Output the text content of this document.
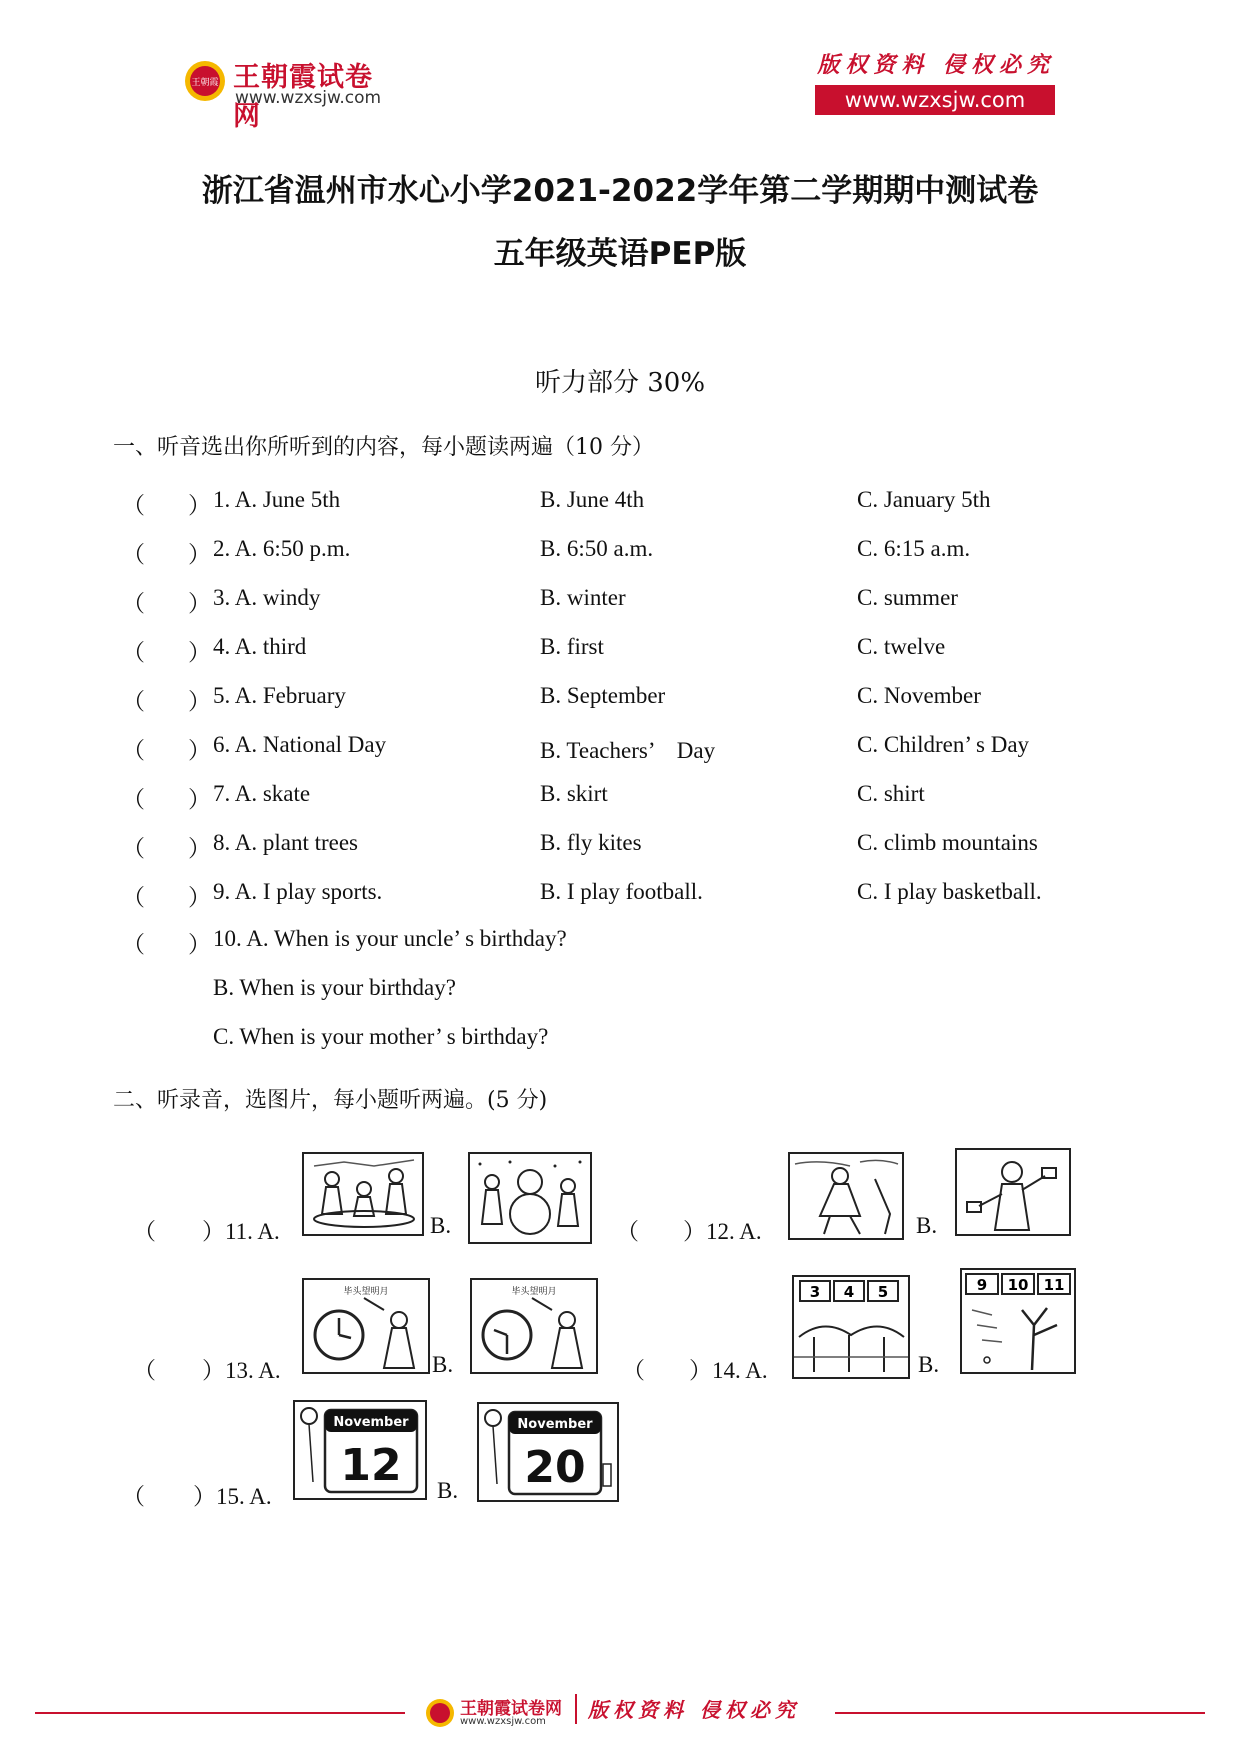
王朝霞 王朝霞试卷网
www.wzxsjw.com
版权资料 侵权必究
www.wzxsjw.com
浙江省温州市水心小学2021-2022学年第二学期期中测试卷
五年级英语PEP版
听力部分 30%
一、听音选出你所听到的内容，每小题读两遍（10 分）
（ ） 1. A. June 5th	B. June 4th	C. January 5th
（ ） 2. A. 6:50 p.m.	B. 6:50 a.m.	C. 6:15 a.m.
（ ） 3. A. windy	B. winter	C. summer
（ ） 4. A. third	B. first	C. twelve
（ ） 5. A. February	B. September	C. November
（ ） 6. A. National Day	B. Teachers’　Day	C. Children’ s Day
（ ） 7. A. skate	B. skirt	C. shirt
（ ） 8. A. plant trees	B. fly kites	C. climb mountains
（ ） 9. A. I play sports.	B. I play football.	C. I play basketball.
（ ） 10. A. When is your uncle’ s birthday?
B. When is your birthday?
C. When is your mother’ s birthday?
二、听录音，选图片，每小题听两遍。(5 分)
（ ）11. A.	B.	（ ）12. A.	B.
（ ）13. A.
毕头望明月
B.
毕头望明月
（ ）14. A.
3 4 5
B.
9 10 11
（ ）15. A.
November
12 B.
November
20
王朝霞试卷网
www.wzxsjw.com 版权资料 侵权必究
